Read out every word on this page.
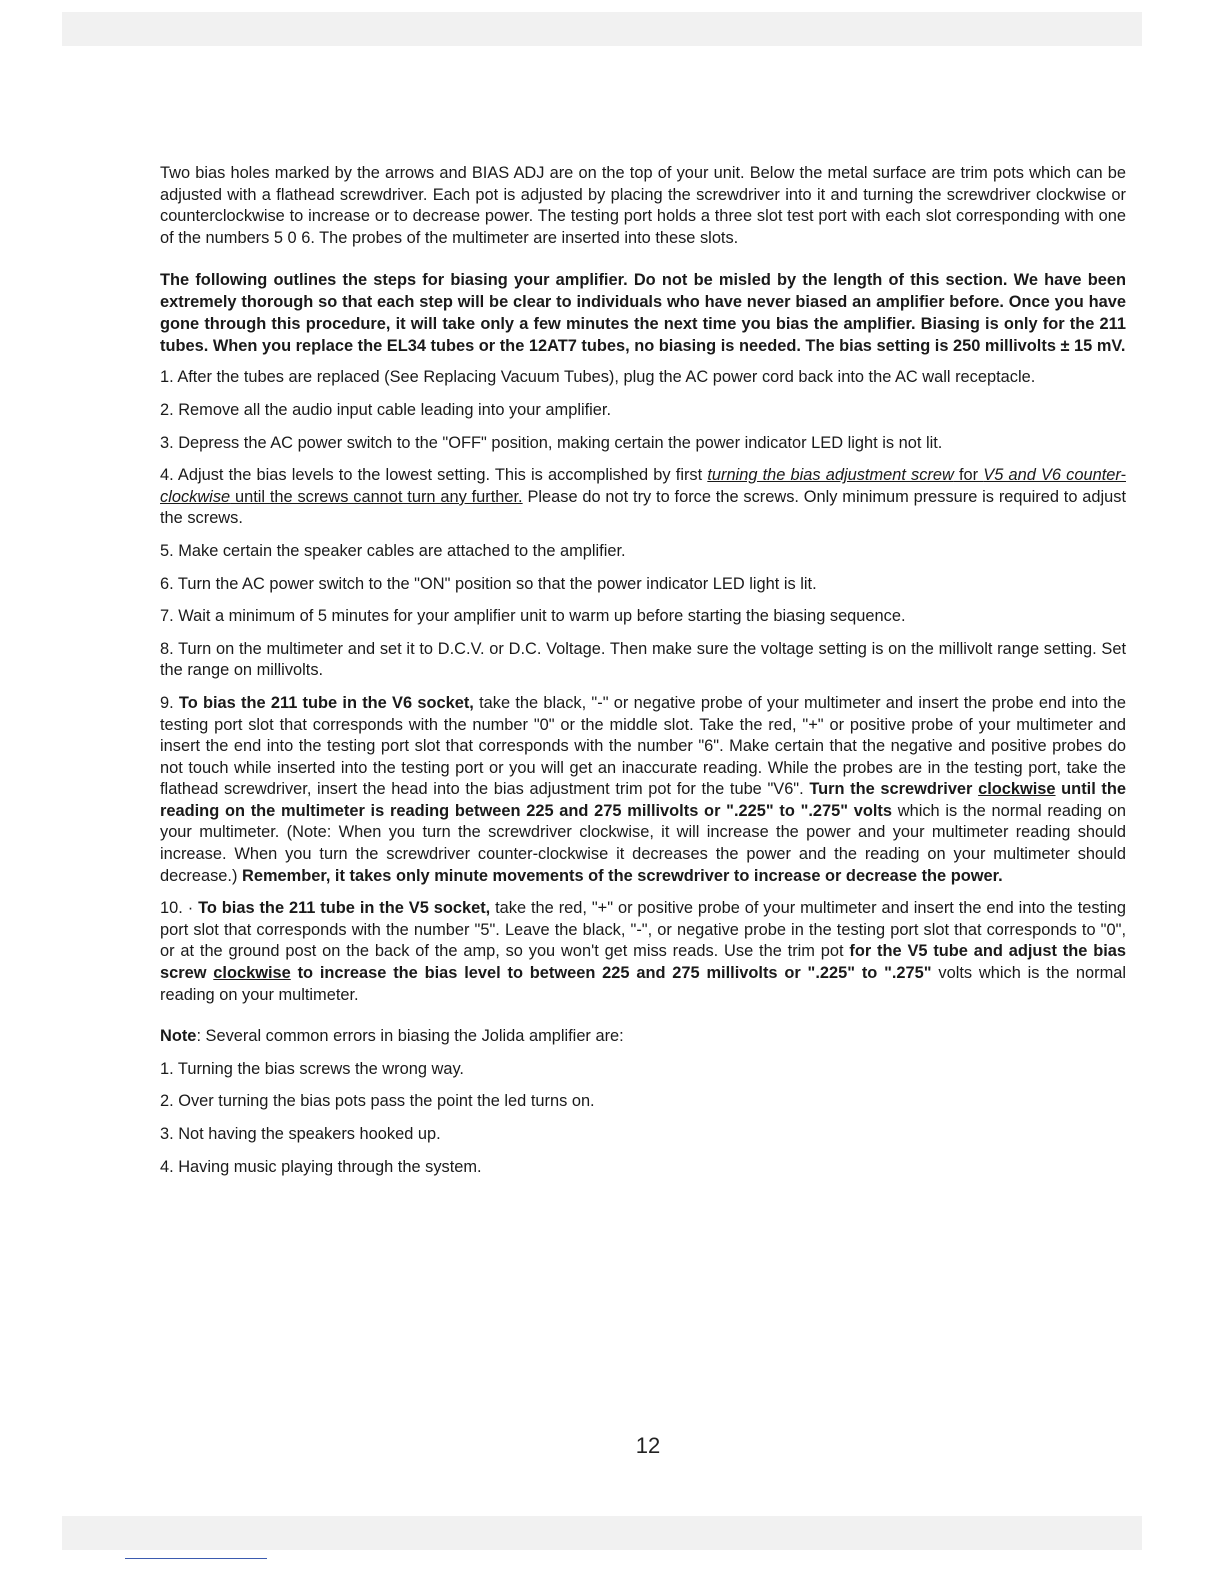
Two bias holes marked by the arrows and BIAS ADJ are on the top of your unit. Below the metal surface are trim pots which can be adjusted with a flathead screwdriver. Each pot is adjusted by placing the screwdriver into it and turning the screwdriver clockwise or counterclockwise to increase or to decrease power. The testing port holds a three slot test port with each slot corresponding with one of the numbers 5 0 6. The probes of the multimeter are inserted into these slots.

The following outlines the steps for biasing your amplifier. Do not be misled by the length of this section. We have been extremely thorough so that each step will be clear to individuals who have never biased an amplifier before. Once you have gone through this procedure, it will take only a few minutes the next time you bias the amplifier. Biasing is only for the 211 tubes. When you replace the EL34 tubes or the 12AT7 tubes, no biasing is needed. The bias setting is 250 millivolts ± 15 mV.

1. After the tubes are replaced (See Replacing Vacuum Tubes), plug the AC power cord back into the AC wall receptacle.

2. Remove all the audio input cable leading into your amplifier.

3. Depress the AC power switch to the "OFF" position, making certain the power indicator LED light is not lit.

4. Adjust the bias levels to the lowest setting. This is accomplished by first turning the bias adjustment screw for V5 and V6 counter-clockwise until the screws cannot turn any further. Please do not try to force the screws. Only minimum pressure is required to adjust the screws.

5. Make certain the speaker cables are attached to the amplifier.

6. Turn the AC power switch to the "ON" position so that the power indicator LED light is lit.

7. Wait a minimum of 5 minutes for your amplifier unit to warm up before starting the biasing sequence.

8. Turn on the multimeter and set it to D.C.V. or D.C. Voltage. Then make sure the voltage setting is on the millivolt range setting. Set the range on millivolts.

9. To bias the 211 tube in the V6 socket, take the black, "-" or negative probe of your multimeter and insert the probe end into the testing port slot that corresponds with the number "0" or the middle slot. Take the red, "+" or positive probe of your multimeter and insert the end into the testing port slot that corresponds with the number "6". Make certain that the negative and positive probes do not touch while inserted into the testing port or you will get an inaccurate reading. While the probes are in the testing port, take the flathead screwdriver, insert the head into the bias adjustment trim pot for the tube "V6". Turn the screwdriver clockwise until the reading on the multimeter is reading between 225 and 275 millivolts or ".225" to ".275" volts which is the normal reading on your multimeter. (Note: When you turn the screwdriver clockwise, it will increase the power and your multimeter reading should increase. When you turn the screwdriver counter-clockwise it decreases the power and the reading on your multimeter should decrease.) Remember, it takes only minute movements of the screwdriver to increase or decrease the power.

10. · To bias the 211 tube in the V5 socket, take the red, "+" or positive probe of your multimeter and insert the end into the testing port slot that corresponds with the number "5". Leave the black, "-", or negative probe in the testing port slot that corresponds to "0", or at the ground post on the back of the amp, so you won't get miss reads. Use the trim pot for the V5 tube and adjust the bias screw clockwise to increase the bias level to between 225 and 275 millivolts or ".225" to ".275" volts which is the normal reading on your multimeter.

Note: Several common errors in biasing the Jolida amplifier are:

1. Turning the bias screws the wrong way.

2. Over turning the bias pots pass the point the led turns on.

3. Not having the speakers hooked up.

4. Having music playing through the system.

12
